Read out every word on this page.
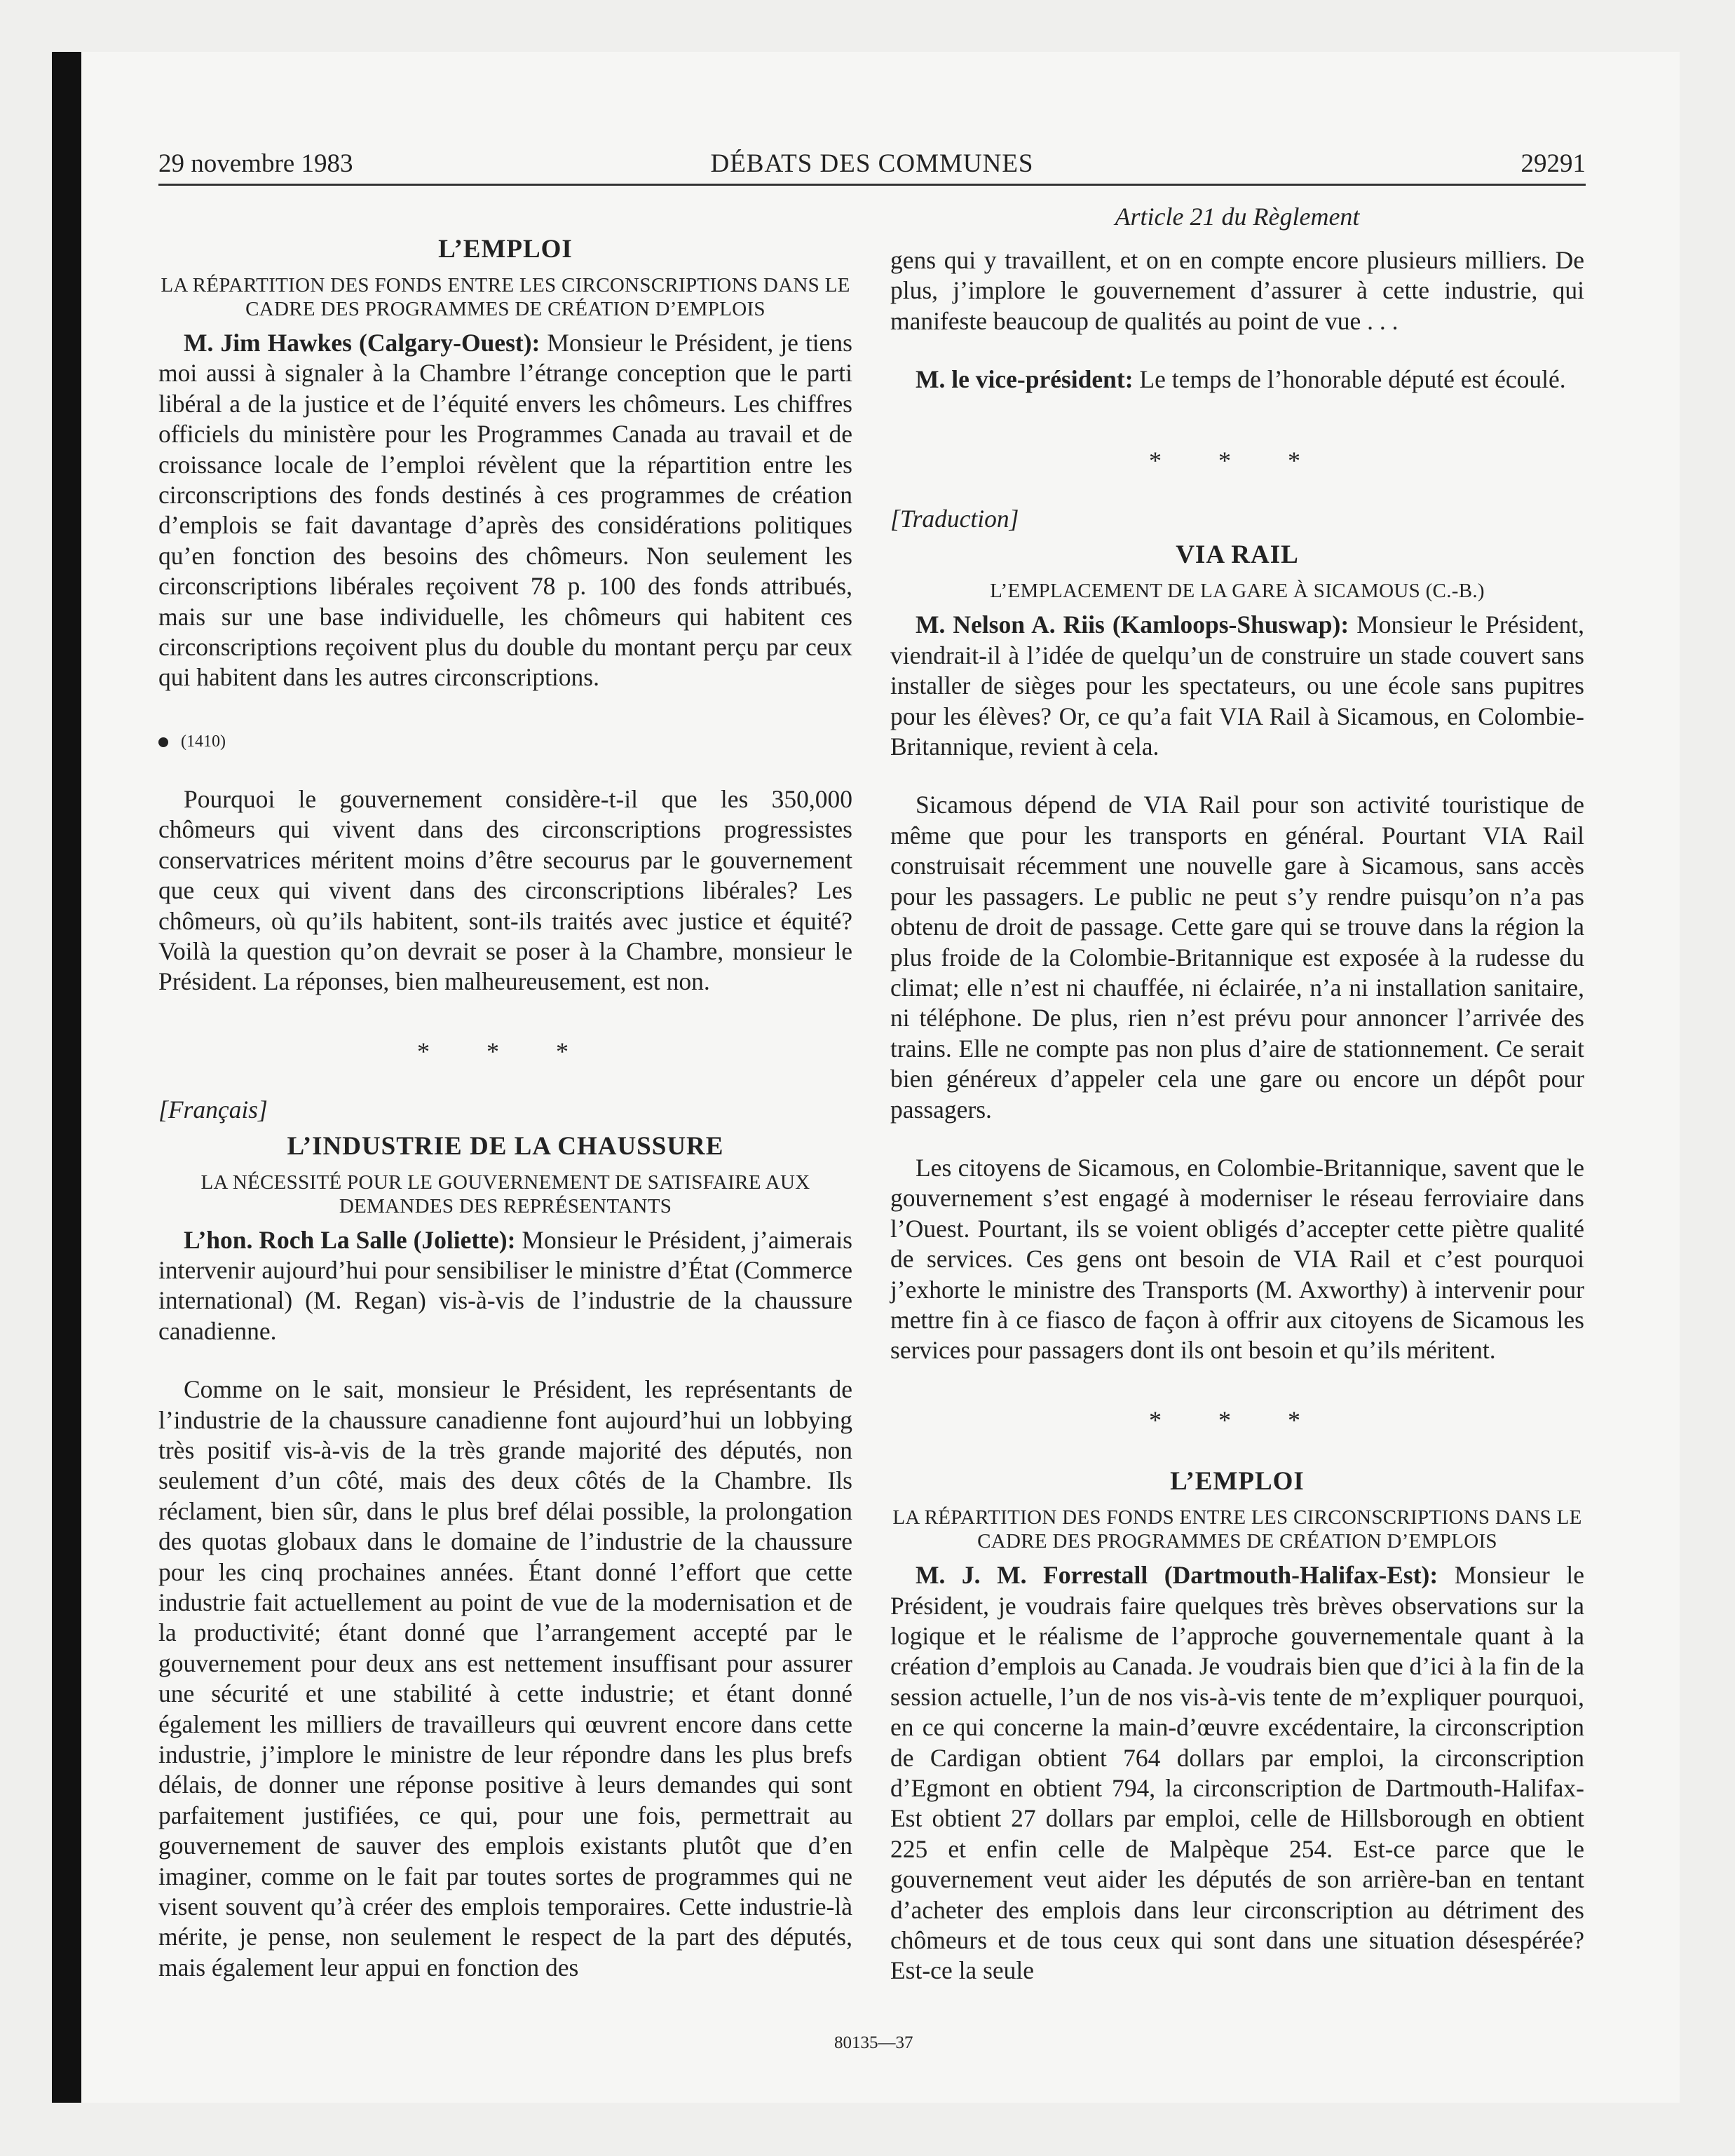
29 novembre 1983	DÉBATS DES COMMUNES	29291
Article 21 du Règlement
L’EMPLOI
LA RÉPARTITION DES FONDS ENTRE LES CIRCONSCRIPTIONS DANS LE CADRE DES PROGRAMMES DE CRÉATION D’EMPLOIS

M. Jim Hawkes (Calgary-Ouest): Monsieur le Président, je tiens moi aussi à signaler à la Chambre l’étrange conception que le parti libéral a de la justice et de l’équité envers les chômeurs. Les chiffres officiels du ministère pour les Programmes Canada au travail et de croissance locale de l’emploi révèlent que la répartition entre les circonscriptions des fonds destinés à ces programmes de création d’emplois se fait davantage d’après des considérations politiques qu’en fonction des besoins des chômeurs. Non seulement les circonscriptions libérales reçoivent 78 p. 100 des fonds attribués, mais sur une base individuelle, les chômeurs qui habitent ces circonscriptions reçoivent plus du double du montant perçu par ceux qui habitent dans les autres circonscriptions.

(1410)

Pourquoi le gouvernement considère-t-il que les 350,000 chômeurs qui vivent dans des circonscriptions progressistes conservatrices méritent moins d’être secourus par le gouvernement que ceux qui vivent dans des circonscriptions libérales? Les chômeurs, où qu’ils habitent, sont-ils traités avec justice et équité? Voilà la question qu’on devrait se poser à la Chambre, monsieur le Président. La réponses, bien malheureusement, est non.

* * *

[Français]

L’INDUSTRIE DE LA CHAUSSURE
LA NÉCESSITÉ POUR LE GOUVERNEMENT DE SATISFAIRE AUX DEMANDES DES REPRÉSENTANTS

L’hon. Roch La Salle (Joliette): Monsieur le Président, j’aimerais intervenir aujourd’hui pour sensibiliser le ministre d’État (Commerce international) (M. Regan) vis-à-vis de l’industrie de la chaussure canadienne.

Comme on le sait, monsieur le Président, les représentants de l’industrie de la chaussure canadienne font aujourd’hui un lobbying très positif vis-à-vis de la très grande majorité des députés, non seulement d’un côté, mais des deux côtés de la Chambre. Ils réclament, bien sûr, dans le plus bref délai possible, la prolongation des quotas globaux dans le domaine de l’industrie de la chaussure pour les cinq prochaines années. Étant donné l’effort que cette industrie fait actuellement au point de vue de la modernisation et de la productivité; étant donné que l’arrangement accepté par le gouvernement pour deux ans est nettement insuffisant pour assurer une sécurité et une stabilité à cette industrie; et étant donné également les milliers de travailleurs qui œuvrent encore dans cette industrie, j’implore le ministre de leur répondre dans les plus brefs délais, de donner une réponse positive à leurs demandes qui sont parfaitement justifiées, ce qui, pour une fois, permettrait au gouvernement de sauver des emplois existants plutôt que d’en imaginer, comme on le fait par toutes sortes de programmes qui ne visent souvent qu’à créer des emplois temporaires. Cette industrie-là mérite, je pense, non seulement le respect de la part des députés, mais également leur appui en fonction des

gens qui y travaillent, et on en compte encore plusieurs milliers. De plus, j’implore le gouvernement d’assurer à cette industrie, qui manifeste beaucoup de qualités au point de vue . . .

M. le vice-président: Le temps de l’honorable député est écoulé.

* * *

[Traduction]

VIA RAIL
L’EMPLACEMENT DE LA GARE À SICAMOUS (C.-B.)

M. Nelson A. Riis (Kamloops-Shuswap): Monsieur le Président, viendrait-il à l’idée de quelqu’un de construire un stade couvert sans installer de sièges pour les spectateurs, ou une école sans pupitres pour les élèves? Or, ce qu’a fait VIA Rail à Sicamous, en Colombie-Britannique, revient à cela.

Sicamous dépend de VIA Rail pour son activité touristique de même que pour les transports en général. Pourtant VIA Rail construisait récemment une nouvelle gare à Sicamous, sans accès pour les passagers. Le public ne peut s’y rendre puisqu’on n’a pas obtenu de droit de passage. Cette gare qui se trouve dans la région la plus froide de la Colombie-Britannique est exposée à la rudesse du climat; elle n’est ni chauffée, ni éclairée, n’a ni installation sanitaire, ni téléphone. De plus, rien n’est prévu pour annoncer l’arrivée des trains. Elle ne compte pas non plus d’aire de stationnement. Ce serait bien généreux d’appeler cela une gare ou encore un dépôt pour passagers.

Les citoyens de Sicamous, en Colombie-Britannique, savent que le gouvernement s’est engagé à moderniser le réseau ferroviaire dans l’Ouest. Pourtant, ils se voient obligés d’accepter cette piètre qualité de services. Ces gens ont besoin de VIA Rail et c’est pourquoi j’exhorte le ministre des Transports (M. Axworthy) à intervenir pour mettre fin à ce fiasco de façon à offrir aux citoyens de Sicamous les services pour passagers dont ils ont besoin et qu’ils méritent.

* * *
L’EMPLOI
LA RÉPARTITION DES FONDS ENTRE LES CIRCONSCRIPTIONS DANS LE CADRE DES PROGRAMMES DE CRÉATION D’EMPLOIS

M. J. M. Forrestall (Dartmouth-Halifax-Est): Monsieur le Président, je voudrais faire quelques très brèves observations sur la logique et le réalisme de l’approche gouvernementale quant à la création d’emplois au Canada. Je voudrais bien que d’ici à la fin de la session actuelle, l’un de nos vis-à-vis tente de m’expliquer pourquoi, en ce qui concerne la main-d’œuvre excédentaire, la circonscription de Cardigan obtient 764 dollars par emploi, la circonscription d’Egmont en obtient 794, la circonscription de Dartmouth-Halifax-Est obtient 27 dollars par emploi, celle de Hillsborough en obtient 225 et enfin celle de Malpèque 254. Est-ce parce que le gouvernement veut aider les députés de son arrière-ban en tentant d’acheter des emplois dans leur circonscription au détriment des chômeurs et de tous ceux qui sont dans une situation désespérée? Est-ce la seule

80135—37
